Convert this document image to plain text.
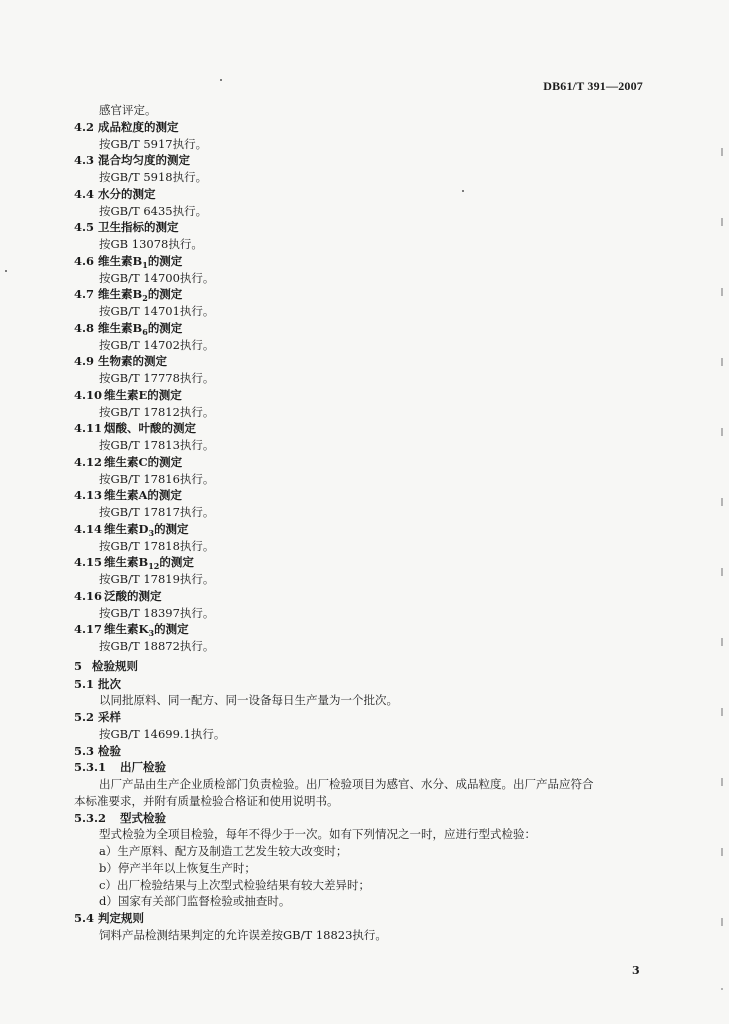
DB61/T 391—2007
感官评定。
4.2 成品粒度的测定
按GB/T 5917执行。
4.3 混合均匀度的测定
按GB/T 5918执行。
4.4 水分的测定
按GB/T 6435执行。
4.5 卫生指标的测定
按GB 13078执行。
4.6 维生素$B_1$的测定
按GB/T 14700执行。
4.7 维生素$B_2$的测定
按GB/T 14701执行。
4.8 维生素$B_6$的测定
按GB/T 14702执行。
4.9 生物素的测定
按GB/T 17778执行。
4.10 维生素E的测定
按GB/T 17812执行。
4.11 烟酸、叶酸的测定
按GB/T 17813执行。
4.12 维生素C的测定
按GB/T 17816执行。
4.13 维生素A的测定
按GB/T 17817执行。
4.14 维生素$D_3$的测定
按GB/T 17818执行。
4.15 维生素$B_{12}$的测定
按GB/T 17819执行。
4.16 泛酸的测定
按GB/T 18397执行。
4.17 维生素$K_3$的测定
按GB/T 18872执行。
5 检验规则
5.1 批次
以同批原料、同一配方、同一设备每日生产量为一个批次。
5.2 采样
按GB/T 14699.1执行。
5.3 检验
5.3.1 出厂检验
出厂产品由生产企业质检部门负责检验。出厂检验项目为感官、水分、成品粒度。出厂产品应符合
本标准要求，并附有质量检验合格证和使用说明书。
5.3.2 型式检验
型式检验为全项目检验，每年不得少于一次。如有下列情况之一时，应进行型式检验：
a）生产原料、配方及制造工艺发生较大改变时；
b）停产半年以上恢复生产时；
c）出厂检验结果与上次型式检验结果有较大差异时；
d）国家有关部门监督检验或抽查时。
5.4 判定规则
饲料产品检测结果判定的允许误差按GB/T 18823执行。
3
